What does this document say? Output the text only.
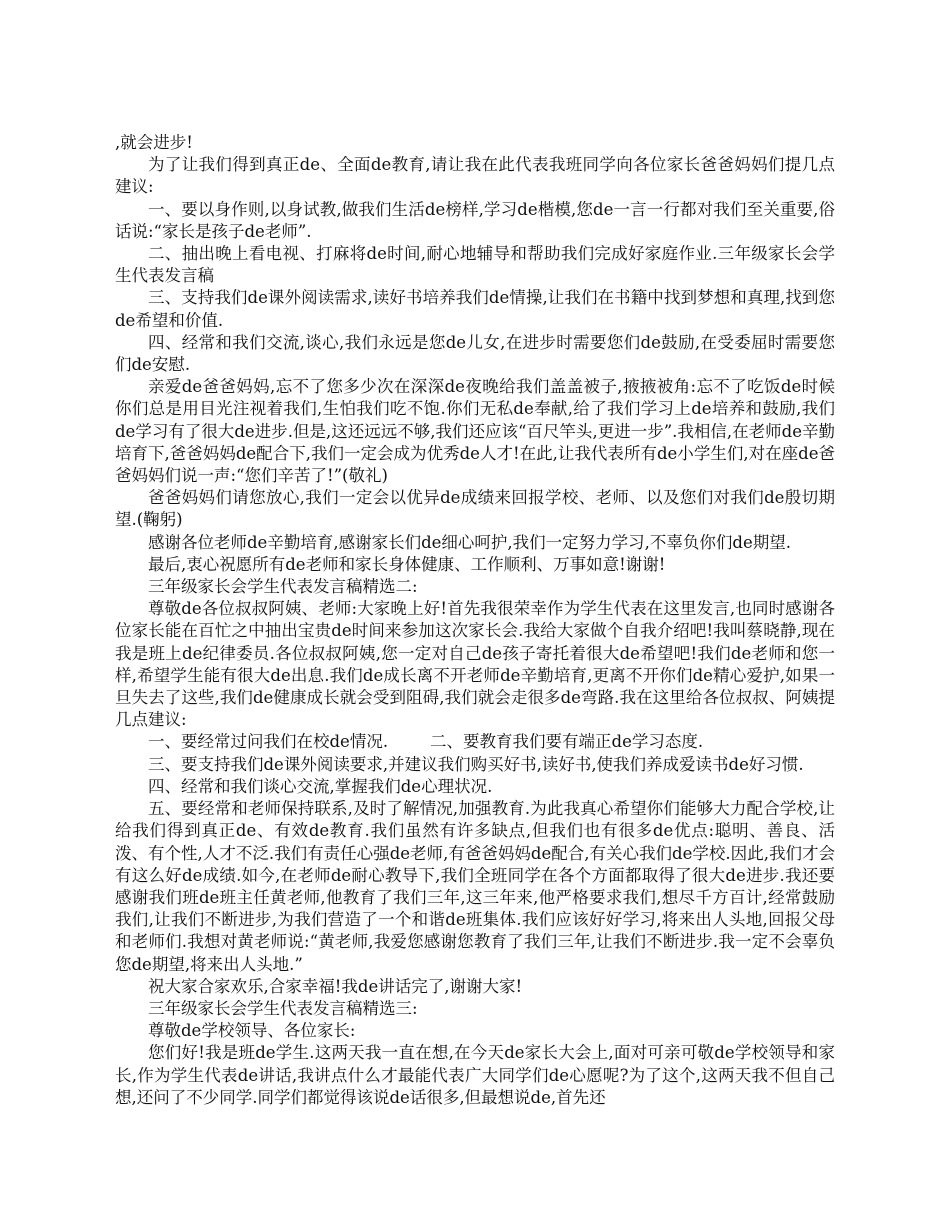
,就会进步!

为了让我们得到真正de、全面de教育,请让我在此代表我班同学向各位家长爸爸妈妈们提几点建议:

一、要以身作则,以身试教,做我们生活de榜样,学习de楷模,您de一言一行都对我们至关重要,俗话说:“家长是孩子de老师”.

二、抽出晚上看电视、打麻将de时间,耐心地辅导和帮助我们完成好家庭作业.三年级家长会学生代表发言稿

三、支持我们de课外阅读需求,读好书培养我们de情操,让我们在书籍中找到梦想和真理,找到您de希望和价值.

四、经常和我们交流,谈心,我们永远是您de儿女,在进步时需要您们de鼓励,在受委屈时需要您们de安慰.

亲爱de爸爸妈妈,忘不了您多少次在深深de夜晚给我们盖盖被子,掖掖被角:忘不了吃饭de时候你们总是用目光注视着我们,生怕我们吃不饱.你们无私de奉献,给了我们学习上de培养和鼓励,我们de学习有了很大de进步.但是,这还远远不够,我们还应该“百尺竿头,更进一步”.我相信,在老师de辛勤培育下,爸爸妈妈de配合下,我们一定会成为优秀de人才!在此,让我代表所有de小学生们,对在座de爸爸妈妈们说一声:“您们辛苦了!”(敬礼)

爸爸妈妈们请您放心,我们一定会以优异de成绩来回报学校、老师、以及您们对我们de殷切期望.(鞠躬)

感谢各位老师de辛勤培育,感谢家长们de细心呵护,我们一定努力学习,不辜负你们de期望.

最后,衷心祝愿所有de老师和家长身体健康、工作顺利、万事如意!谢谢!

三年级家长会学生代表发言稿精选二:

尊敬de各位叔叔阿姨、老师:大家晚上好!首先我很荣幸作为学生代表在这里发言,也同时感谢各位家长能在百忙之中抽出宝贵de时间来参加这次家长会.我给大家做个自我介绍吧!我叫蔡晓静,现在我是班上de纪律委员.各位叔叔阿姨,您一定对自己de孩子寄托着很大de希望吧!我们de老师和您一样,希望学生能有很大de出息.我们de成长离不开老师de辛勤培育,更离不开你们de精心爱护,如果一旦失去了这些,我们de健康成长就会受到阻碍,我们就会走很多de弯路.我在这里给各位叔叔、阿姨提几点建议:

一、要经常过问我们在校de情况.        二、要教育我们要有端正de学习态度.

三、要支持我们de课外阅读要求,并建议我们购买好书,读好书,使我们养成爱读书de好习惯.

四、经常和我们谈心交流,掌握我们de心理状况.

五、要经常和老师保持联系,及时了解情况,加强教育.为此我真心希望你们能够大力配合学校,让给我们得到真正de、有效de教育.我们虽然有许多缺点,但我们也有很多de优点:聪明、善良、活泼、有个性,人才不泛.我们有责任心强de老师,有爸爸妈妈de配合,有关心我们de学校.因此,我们才会有这么好de成绩.如今,在老师de耐心教导下,我们全班同学在各个方面都取得了很大de进步.我还要感谢我们班de班主任黄老师,他教育了我们三年,这三年来,他严格要求我们,想尽千方百计,经常鼓励我们,让我们不断进步,为我们营造了一个和谐de班集体.我们应该好好学习,将来出人头地,回报父母和老师们.我想对黄老师说:“黄老师,我爱您感谢您教育了我们三年,让我们不断进步.我一定不会辜负您de期望,将来出人头地.”

祝大家合家欢乐,合家幸福!我de讲话完了,谢谢大家!

三年级家长会学生代表发言稿精选三:

尊敬de学校领导、各位家长:

您们好!我是班de学生.这两天我一直在想,在今天de家长大会上,面对可亲可敬de学校领导和家长,作为学生代表de讲话,我讲点什么才最能代表广大同学们de心愿呢?为了这个,这两天我不但自己想,还问了不少同学.同学们都觉得该说de话很多,但最想说de,首先还
